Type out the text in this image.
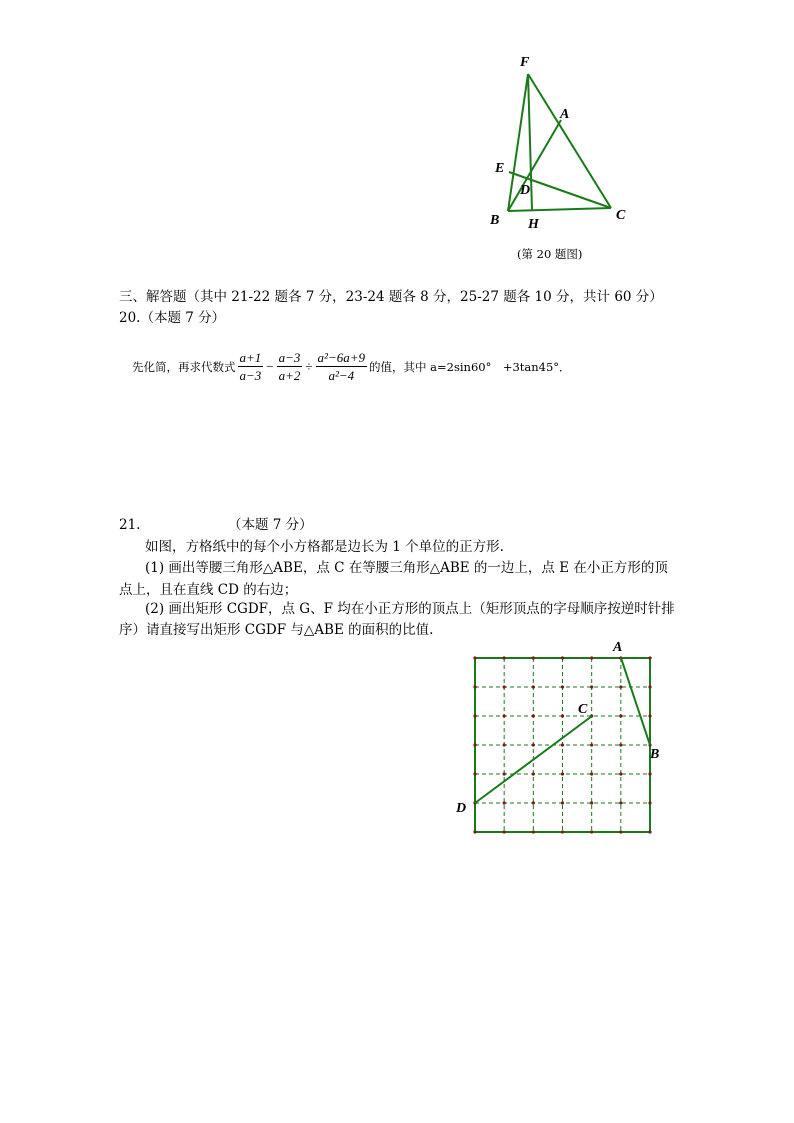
F
A
E
D
B H
C
(第 20 题图)
三、解答题（其中 21-22 题各 7 分，23-24 题各 8 分，25-27 题各 10 分，共计 60 分）
20.（本题 7 分）
先化简，再求代数式 $\frac{a+1}{a-3} - \frac{a-3}{a+2} \div \frac{\text{a²−6a+9}}{\text{a²−4}}$ 的值，其中 a=2sin60°　+3tan45°．
21.	（本题 7 分）
如图，方格纸中的每个小方格都是边长为 1 个单位的正方形.
(1) 画出等腰三角形△ABE，点 C 在等腰三角形△ABE 的一边上，点 E 在小正方形的顶
点上，且在直线 CD 的右边；
(2) 画出矩形 CGDF，点 G、F 均在小正方形的顶点上（矩形顶点的字母顺序按逆时针排
序）请直接写出矩形 CGDF 与△ABE 的面积的比值.
A
B
C
D
